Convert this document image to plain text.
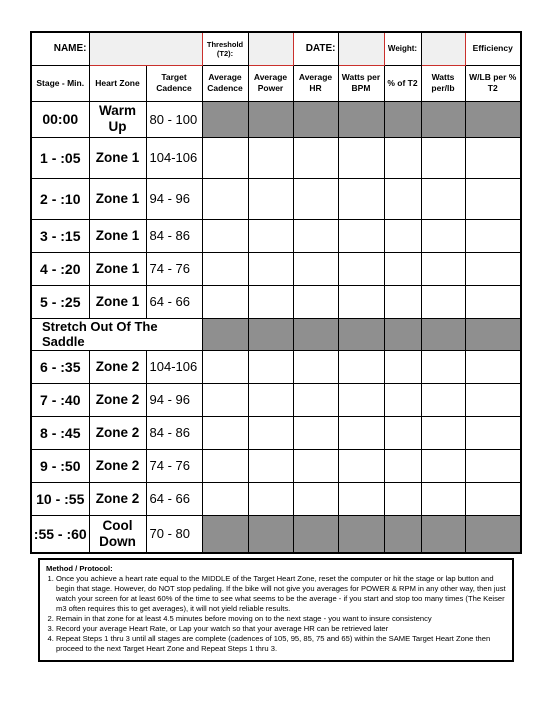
NAME:			Threshold (T2):		DATE:		Weight:		Efficiency
Stage - Min.	Heart Zone	Target Cadence	Average Cadence	Average Power	Average HR	Watts per BPM	% of T2	Watts per/lb	W/LB per % T2
00:00	Warm Up	80 - 100							
1 - :05	Zone 1	104-106							
2 - :10	Zone 1	94 - 96							
3 - :15	Zone 1	84 - 86							
4 - :20	Zone 1	74 - 76							
5 - :25	Zone 1	64 - 66							
Stretch Out Of The Saddle									
6 - :35	Zone 2	104-106							
7 - :40	Zone 2	94 - 96							
8 - :45	Zone 2	84 - 86							
9 - :50	Zone 2	74 - 76							
10 - :55	Zone 2	64 - 66							
:55 - :60	Cool Down	70 - 80							
Method / Protocol:
1. Once you achieve a heart rate equal to the MIDDLE of the Target Heart Zone, reset the computer or hit the stage or lap button and begin that stage. However, do NOT stop pedaling. If the bike will not give you averages for POWER & RPM in any other way, then just watch your screen for at least 60% of the time to see what seems to be the average - if you start and stop too many times (The Keiser m3 often requires this to get averages), it will not yield reliable results.
2. Remain in that zone for at least 4.5 minutes before moving on to the next stage - you want to insure consistency
3. Record your average Heart Rate, or Lap your watch so that your average HR can be retrieved later
4. Repeat Steps 1 thru 3 until all stages are complete (cadences of 105, 95, 85, 75 and 65) within the SAME Target Heart Zone then proceed to the next Target Heart Zone and Repeat Steps 1 thru 3.
